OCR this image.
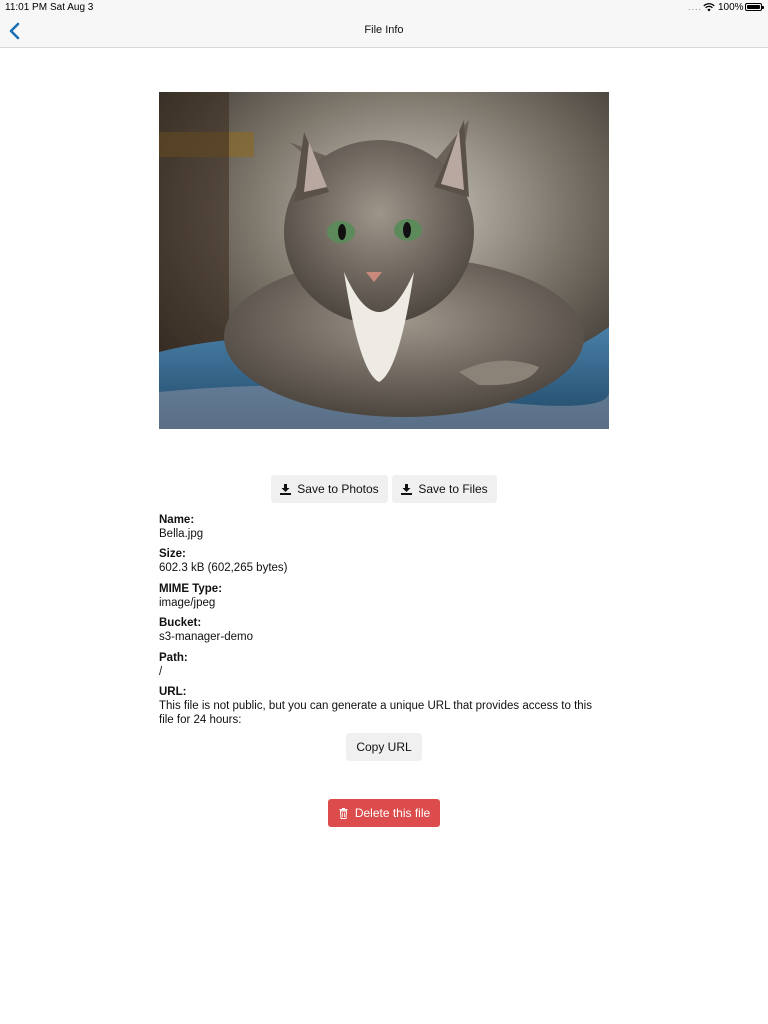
11:01 PM Sat Aug 3	.... 100%
File Info
Save to Photos	Save to Files
Name:
Bella.jpg
Size:
602.3 kB (602,265 bytes)
MIME Type:
image/jpeg
Bucket:
s3-manager-demo
Path:
/
URL:
This file is not public, but you can generate a unique URL that provides access to this file for 24 hours:
Copy URL
Delete this file
